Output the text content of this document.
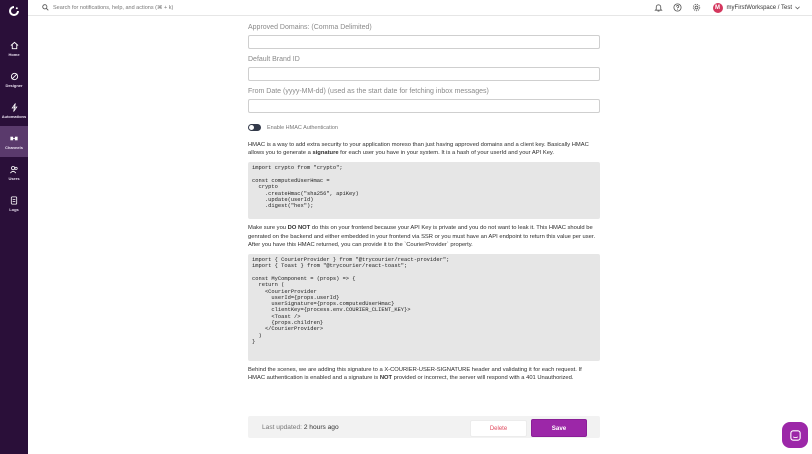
Home
Designer
Automations
Channels
Users
Logs
Search for notifications, help, and actions (⌘ + k)
M	myFirstWorkspace / Test
Approved Domains: (Comma Delimited)
Default Brand ID
From Date (yyyy-MM-dd) (used as the start date for fetching inbox messages)
Enable HMAC Authentication
HMAC is a way to add extra security to your application moreso than just having approved domains and a client key. Basically HMAC allows you to generate a signature for each user you have in your system. It is a hash of your userId and your API Key.
import crypto from "crypto";

const computedUserHmac =
crypto
.createHmac("sha256", apiKey)
.update(userId)
.digest("hex");
Make sure you DO NOT do this on your frontend because your API Key is private and you do not want to leak it. This HMAC should be genrated on the backend and either embedded in your frontend via SSR or you must have an API endpoint to return this value per user.
After you have this HMAC returned, you can provide it to the `CourierProvider` property.
import { CourierProvider } from "@trycourier/react-provider";
import { Toast } from "@trycourier/react-toast";

const MyComponent = (props) => {
return (
<CourierProvider
userId={props.userId}
userSignature={props.computedUserHmac}
clientKey={process.env.COURIER_CLIENT_KEY}>
<Toast />
{props.children}
</CourierProvider>
)
}
Behind the scenes, we are adding this signature to a X-COURIER-USER-SIGNATURE header and validating it for each request. If HMAC authentication is enabled and a signature is NOT provided or incorrect, the server will respond with a 401 Unauthorized.
Last updated: 2 hours ago	Delete	Save
